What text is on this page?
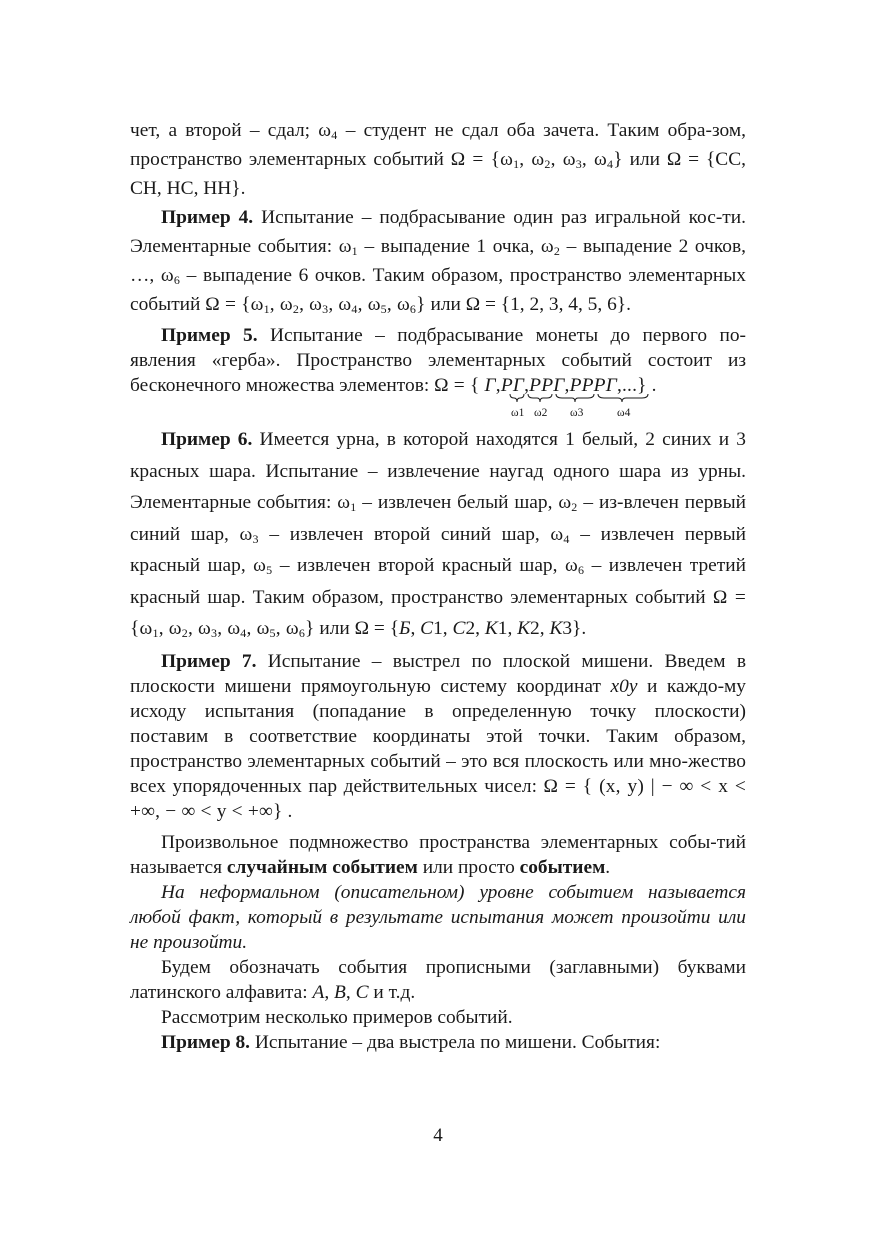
чет, а второй – сдал; $\omega_4$ – студент не сдал оба зачета. Таким обра-зом, пространство элементарных событий $\Omega = \{\omega_1$, $\omega_2$, $\omega_3$, $\omega_4$} или Ω = {СС, СН, НС, НН}.

Пример 4. Испытание – подбрасывание один раз игральной кос-ти. Элементарные события: $\omega_1$ – выпадение 1 очка, $\omega_2$ – выпадение 2 очков, …, $\omega_6$ – выпадение 6 очков. Таким образом, пространство элементарных событий $\Omega = \{\omega_1$, $\omega_2$, $\omega_3$, $\omega_4$, $\omega_5$, $\omega_6$} или Ω = {1, 2, 3, 4, 5, 6}.

Пример 5. Испытание – подбрасывание монеты до первого по-явления «герба». Пространство элементарных событий состоит из бесконечного множества элементов: Ω = { Г,РГ,РРГ,РРРГ,...} .

ω1 ω2 ω3	ω4

Пример 6. Имеется урна, в которой находятся 1 белый, 2 синих и 3 красных шара. Испытание – извлечение наугад одного шара из урны. Элементарные события: $\omega_1$ – извлечен белый шар, $\omega_2$ – из-влечен первый синий шар, $\omega_3$ – извлечен второй синий шар, $\omega_4$ – извлечен первый красный шар, $\omega_5$ – извлечен второй красный шар, $\omega_6$ – извлечен третий красный шар. Таким образом, пространство элементарных событий $\Omega = \{\omega_1$, $\omega_2$, $\omega_3$, $\omega_4$, $\omega_5$, $\omega_6$} или Ω = {Б, С1, С2, К1, К2, К3}.

Пример 7. Испытание – выстрел по плоской мишени. Введем в плоскости мишени прямоугольную систему координат x0y и каждо-му исходу испытания (попадание в определенную точку плоскости) поставим в соответствие координаты этой точки. Таким образом, пространство элементарных событий – это вся плоскость или мно-жество всех упорядоченных пар действительных чисел: Ω = { (x, y) | − ∞ < x < +∞, − ∞ < y < +∞} .

Произвольное подмножество пространства элементарных собы-тий называется случайным событием или просто событием.

На неформальном (описательном) уровне событием называется любой факт, который в результате испытания может произойти или не произойти.

Будем обозначать события прописными (заглавными) буквами латинского алфавита: A, B, C и т.д.

Рассмотрим несколько примеров событий.

Пример 8. Испытание – два выстрела по мишени. События:

4
